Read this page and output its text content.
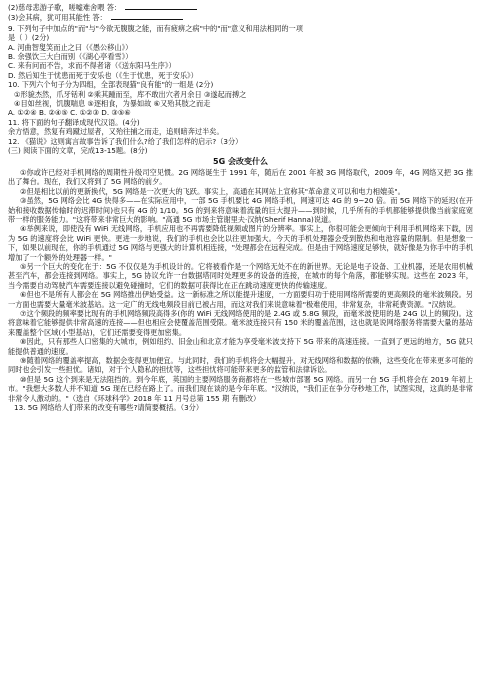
(2)慈母悲游子歌，嗟嘘难舍喂 答：
(3)会其病，犹可用其能性 答：
9. 下列句子中加点的"而"与"今欲无腹腹之能，而有疲痹之病"中的"而"意义和用法相同的一项
是（ ）(2分)
A. 河曲智叟笑而止之曰（《愚公移山》）
B. 余强饮三大白而别（《湖心亭看雪》）
C. 来有问而不告，求而不得者诸（《送东阳马生序》）
D. 然后知生于忧患而死于安乐也（《生于忧患，死于安乐》）
10. 下列六个句子分为四组，全部表现猫"良有能"的一组是 (2分)
①形貌杰然，爪牙铦利 ②乘其踵而至，库不敢出穴者月余日 ③遂起而搏之
④目如丝视，饥腹喘息 ⑤逐相食，为暴如故 ⑥又殆其肢之而走
A. ①②④ B. ②④⑤ C. ①②③ D. ③⑤⑥
11. 将下面的句子翻译成现代汉语。(4分)
余方悟意，然复有鸡蹴过屋者，又殆往捕之而走，追则暗奔过半矣。
12. 《猫说》这则寓言故事告诉了我们什么?给了我们怎样的启示?（3分）
(三) 阅读下面的文章，完成13-15题。(8分)
5G 会改变什么

①你或许已经对手机网络的周期性升级司空见惯。2G 网络诞生于 1991 年，随后在 2001 年被 3G 网络取代，2009 年，4G 网络又把 3G 推出了舞台。现在，我们又将到了 5G 网络的前夕。

②但是相比以前的更新换代，5G 网络是一次更大的飞跃。事实上，高通在其网站上宣称其"革命意义可以和电力相媲美"。

③虽然，5G 网络会比 4G 快得多——在实际应用中，一部 5G 手机要比 4G 网络手机，网速可达 4G 的 9~20 倍。而 5G 网络下的延迟(在开始和接收数据传输时的迟滞时间)也只有 4G 的 1/10。5G 的到来将意味着流量的巨大提升——到时候，几乎所有的手机都能够提供像当前家庭宽带一样的服务能力。"这将带来非常巨大的影响。"高通 5G 市场主管谢里夫·汉纳(Sherif Hanna)说道。

④举例来说，即使没有 WiFi 无线网络，手机应用也不再需要降低视频或图片的分辨率。事实上，你很可能会更倾向于利用手机网络来下载，因为 5G 的速度将会比 WiFi 更快。更进一步地说，我们的手机也会比以往更加强大。今天的手机处理器会受到散热和电池容量的限制。但是想象一下，如果以前现在，你的手机通过 5G 网络与更强大的计算机相连接，"处理都会在远程完成。但是由于网络速度足够快，就好像是为你手中的手机增加了一个额外的处理器一样。"

⑤另一个巨大的变化在于：5G 不仅仅是为手机设计的。它将被看作是一个网络无处不在的新世界。无论是电子设备、工业机器，还是农用机械甚至汽车，都会连接到网络。事实上，5G 协议允许一台数据塔同时处理更多的设备的连接，在城市的每个角落，都能够实现。这些在 2023 年，当今需要自动驾驶汽车需要连接以避免碰撞时，它们的数据可获得比在正在跳动速度更快的传输速度。

⑥但也不是所有人都会在 5G 网络推出伊始受益。这一新标准之所以能提升速度，一方面要归功于使用网络所需要的更高频段的毫米波频段。另一方面也需要大量毫米波基站。这一定广的无线电频段目前已被占用，而这对我们来说意味着"极难使用，非常复杂，非常耗费资源。"汉纳说。

⑦这个频段的频率要比现有的手机网络频段高得多(你的 WiFi 无线网络使用的是 2.4G 或 5.8G 频段，而毫米波使用的是 24G 以上的频段)。这将意味着它能够提供非常高速的连接——但也相应会使覆盖范围受限。毫米波连接只有 150 米的覆盖范围，这也就是说网络服务将需要大量的基站来覆盖整个区域(小型基站)，它们还需要变得更加密集。

⑧因此，只有那些人口密集的大城市，例如纽约、旧金山和北京才能为享受毫米波支持下 5G 带来的高速连接。一直到了更远的地方，5G 就只能提供普通的速度。

⑨随着网络的覆盖率提高，数据会变得更加便宜。与此同时，我们的手机将会大幅提升，对无线网络和数据的依赖，这些变化在带来更多可能的同时也会引发一些担忧。诸如，对于个人隐私的担忧等，这些担忧将可能带来更多的监管和法律诉讼。

⑩但是 5G 这个到来是无法阻挡的。到今年底，英国的主要网络服务商都将在一些城市部署 5G 网络。而另一台 5G 手机将会在 2019 年初上市。"我想大多数人并不知道 5G 现在已经在路上了。而我们现在谈的是今年年底。"汉纳说，"我们正在争分夺秒地工作，试图实现，这真的是非常非常令人激动的。"（选自《环球科学》2018 年 11 月号总第 155 期 有删改）

13. 5G 网络给人们带来的改变有哪些?请简要概括。（3分）
